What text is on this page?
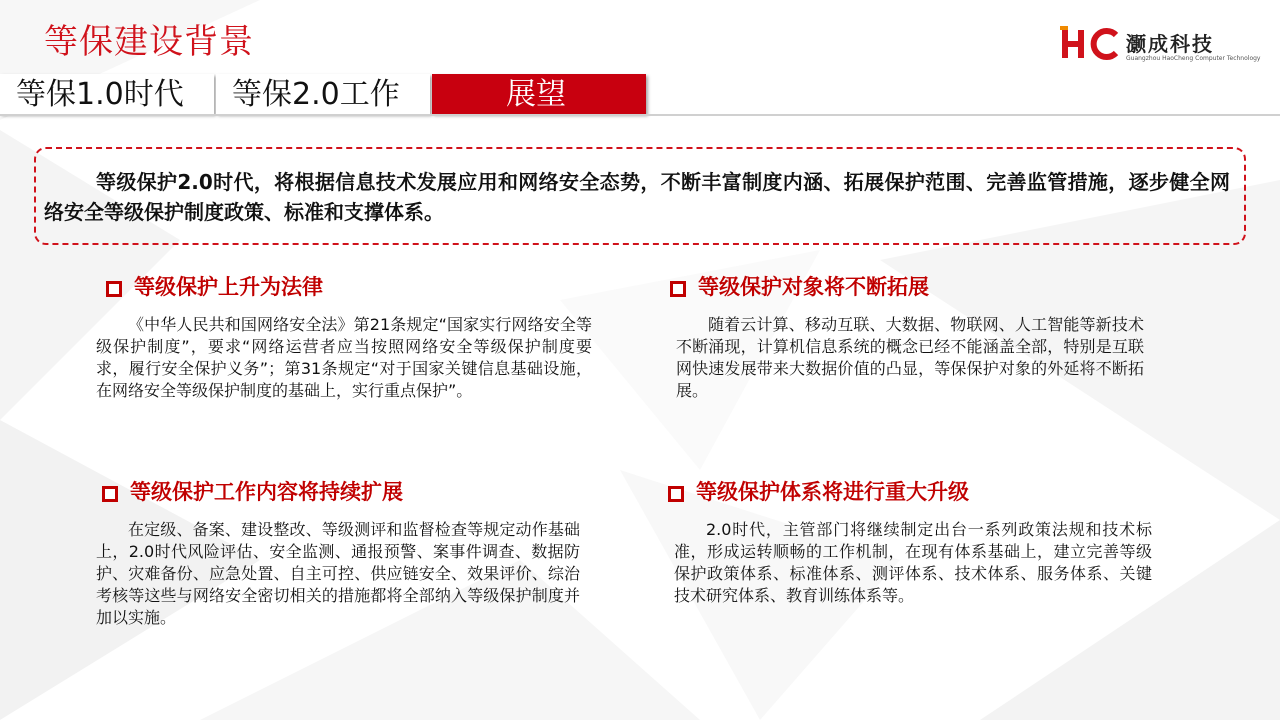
等保建设背景	灏成科技
Guangzhou HaoCheng Computer Technology
等保1.0时代	等保2.0工作	展望
等级保护2.0时代，将根据信息技术发展应用和网络安全态势，不断丰富制度内涵、拓展保护范围、完善监管措施，逐步健全网络安全等级保护制度政策、标准和支撑体系。
等级保护上升为法律
《中华人民共和国网络安全法》第21条规定“国家实行网络安全等级保护制度”，要求“网络运营者应当按照网络安全等级保护制度要求，履行安全保护义务”；第31条规定“对于国家关键信息基础设施，在网络安全等级保护制度的基础上，实行重点保护”。
等级保护对象将不断拓展
随着云计算、移动互联、大数据、物联网、人工智能等新技术不断涌现，计算机信息系统的概念已经不能涵盖全部，特别是互联网快速发展带来大数据价值的凸显，等保保护对象的外延将不断拓展。
等级保护工作内容将持续扩展
在定级、备案、建设整改、等级测评和监督检查等规定动作基础上，2.0时代风险评估、安全监测、通报预警、案事件调查、数据防护、灾难备份、应急处置、自主可控、供应链安全、效果评价、综治考核等这些与网络安全密切相关的措施都将全部纳入等级保护制度并加以实施。
等级保护体系将进行重大升级
2.0时代，主管部门将继续制定出台一系列政策法规和技术标准，形成运转顺畅的工作机制，在现有体系基础上，建立完善等级保护政策体系、标准体系、测评体系、技术体系、服务体系、关键技术研究体系、教育训练体系等。
